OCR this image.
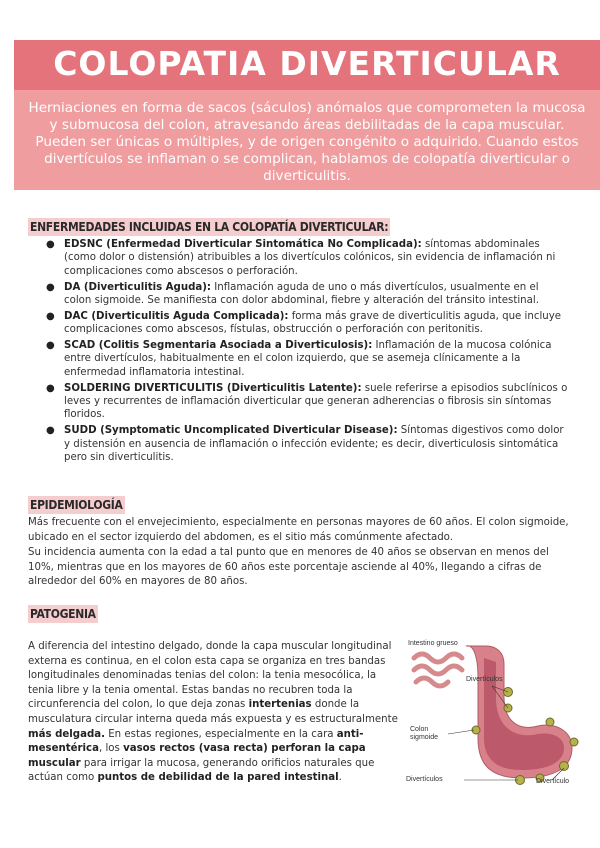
COLOPATIA DIVERTICULAR
Herniaciones en forma de sacos (sáculos) anómalos que comprometen la mucosa y submucosa del colon, atravesando áreas debilitadas de la capa muscular. Pueden ser únicas o múltiples, y de origen congénito o adquirido. Cuando estos divertículos se inflaman o se complican, hablamos de colopatía diverticular o diverticulitis.
ENFERMEDADES INCLUIDAS EN LA COLOPATÍA DIVERTICULAR:
● EDSNC (Enfermedad Diverticular Sintomática No Complicada): síntomas abdominales (como dolor o distensión) atribuibles a los divertículos colónicos, sin evidencia de inflamación ni complicaciones como abscesos o perforación.
● DA (Diverticulitis Aguda): Inflamación aguda de uno o más divertículos, usualmente en el colon sigmoide. Se manifiesta con dolor abdominal, fiebre y alteración del tránsito intestinal.
● DAC (Diverticulitis Aguda Complicada): forma más grave de diverticulitis aguda, que incluye complicaciones como abscesos, fístulas, obstrucción o perforación con peritonitis.
● SCAD (Colitis Segmentaria Asociada a Diverticulosis): Inflamación de la mucosa colónica entre divertículos, habitualmente en el colon izquierdo, que se asemeja clínicamente a la enfermedad inflamatoria intestinal.
● SOLDERING DIVERTICULITIS (Diverticulitis Latente): suele referirse a episodios subclínicos o leves y recurrentes de inflamación diverticular que generan adherencias o fibrosis sin síntomas floridos.
● SUDD (Symptomatic Uncomplicated Diverticular Disease): Síntomas digestivos como dolor y distensión en ausencia de inflamación o infección evidente; es decir, diverticulosis sintomática pero sin diverticulitis.
EPIDEMIOLOGÍA
Más frecuente con el envejecimiento, especialmente en personas mayores de 60 años. El colon sigmoide, ubicado en el sector izquierdo del abdomen, es el sitio más comúnmente afectado.
Su incidencia aumenta con la edad a tal punto que en menores de 40 años se observan en menos del 10%, mientras que en los mayores de 60 años este porcentaje asciende al 40%, llegando a cifras de alrededor del 60% en mayores de 80 años.
PATOGENIA
A diferencia del intestino delgado, donde la capa muscular longitudinal externa es continua, en el colon esta capa se organiza en tres bandas longitudinales denominadas tenias del colon: la tenia mesocólica, la tenia libre y la tenia omental. Estas bandas no recubren toda la circunferencia del colon, lo que deja zonas intertenias donde la musculatura circular interna queda más expuesta y es estructuralmente más delgada. En estas regiones, especialmente en la cara anti-mesentérica, los vasos rectos (vasa recta) perforan la capa muscular para irrigar la mucosa, generando orificios naturales que actúan como puntos de debilidad de la pared intestinal.
Intestino grueso
Divertículos
Colon sigmoide
Divertículos	Divertículo
